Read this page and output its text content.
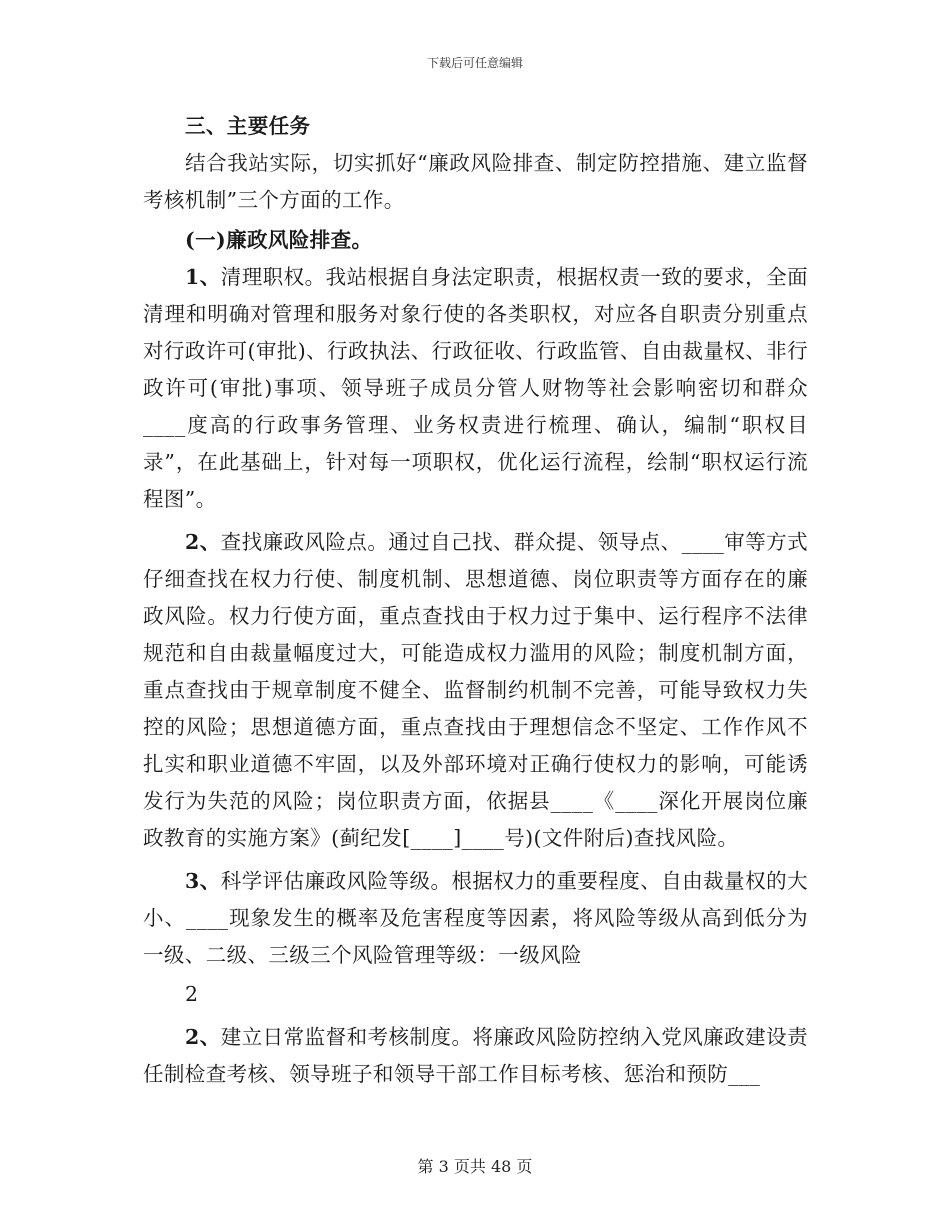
下载后可任意编辑

三、主要任务

结合我站实际，切实抓好“廉政风险排查、制定防控措施、建立监督考核机制”三个方面的工作。

(一)廉政风险排查。

1、清理职权。我站根据自身法定职责，根据权责一致的要求，全面清理和明确对管理和服务对象行使的各类职权，对应各自职责分别重点对行政许可(审批)、行政执法、行政征收、行政监管、自由裁量权、非行政许可(审批)事项、领导班子成员分管人财物等社会影响密切和群众____度高的行政事务管理、业务权责进行梳理、确认，编制“职权目录”，在此基础上，针对每一项职权，优化运行流程，绘制“职权运行流程图”。

2、查找廉政风险点。通过自己找、群众提、领导点、____审等方式仔细查找在权力行使、制度机制、思想道德、岗位职责等方面存在的廉政风险。权力行使方面，重点查找由于权力过于集中、运行程序不法律规范和自由裁量幅度过大，可能造成权力滥用的风险；制度机制方面，重点查找由于规章制度不健全、监督制约机制不完善，可能导致权力失控的风险；思想道德方面，重点查找由于理想信念不坚定、工作作风不扎实和职业道德不牢固，以及外部环境对正确行使权力的影响，可能诱发行为失范的风险；岗位职责方面，依据县____《____深化开展岗位廉政教育的实施方案》(蓟纪发[____]____号)(文件附后)查找风险。

3、科学评估廉政风险等级。根据权力的重要程度、自由裁量权的大小、____现象发生的概率及危害程度等因素，将风险等级从高到低分为一级、二级、三级三个风险管理等级：一级风险

2

2、建立日常监督和考核制度。将廉政风险防控纳入党风廉政建设责任制检查考核、领导班子和领导干部工作目标考核、惩治和预防___

第 3 页共 48 页
